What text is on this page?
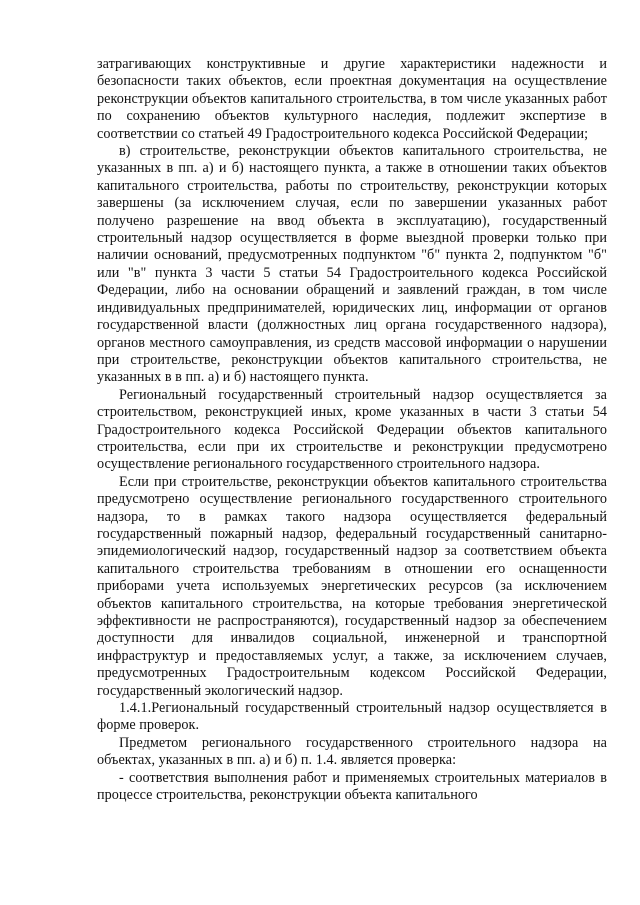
затрагивающих конструктивные и другие характеристики надежности и безопасности таких объектов, если проектная документация на осуществление реконструкции объектов капитального строительства, в том числе указанных работ по сохранению объектов культурного наследия, подлежит экспертизе в соответствии со статьей 49 Градостроительного кодекса Российской Федерации;

в) строительстве, реконструкции объектов капитального строительства, не указанных в пп. а) и б) настоящего пункта, а также в отношении таких объектов капитального строительства, работы по строительству, реконструкции которых завершены (за исключением случая, если по завершении указанных работ получено разрешение на ввод объекта в эксплуатацию), государственный строительный надзор осуществляется в форме выездной проверки только при наличии оснований, предусмотренных подпунктом "б" пункта 2, подпунктом "б" или "в" пункта 3 части 5 статьи 54 Градостроительного кодекса Российской Федерации, либо на основании обращений и заявлений граждан, в том числе индивидуальных предпринимателей, юридических лиц, информации от органов государственной власти (должностных лиц органа государственного надзора), органов местного самоуправления, из средств массовой информации о нарушении при строительстве, реконструкции объектов капитального строительства, не указанных в в пп. а) и б) настоящего пункта.

Региональный государственный строительный надзор осуществляется за строительством, реконструкцией иных, кроме указанных в части 3 статьи 54 Градостроительного кодекса Российской Федерации объектов капитального строительства, если при их строительстве и реконструкции предусмотрено осуществление регионального государственного строительного надзора.

Если при строительстве, реконструкции объектов капитального строительства предусмотрено осуществление регионального государственного строительного надзора, то в рамках такого надзора осуществляется федеральный государственный пожарный надзор, федеральный государственный санитарно-эпидемиологический надзор, государственный надзор за соответствием объекта капитального строительства требованиям в отношении его оснащенности приборами учета используемых энергетических ресурсов (за исключением объектов капитального строительства, на которые требования энергетической эффективности не распространяются), государственный надзор за обеспечением доступности для инвалидов социальной, инженерной и транспортной инфраструктур и предоставляемых услуг, а также, за исключением случаев, предусмотренных Градостроительным кодексом Российской Федерации, государственный экологический надзор.

1.4.1.Региональный государственный строительный надзор осуществляется в форме проверок.

Предметом регионального государственного строительного надзора на объектах, указанных в пп. а) и б) п. 1.4. является проверка:

- соответствия выполнения работ и применяемых строительных материалов в процессе строительства, реконструкции объекта капитального
